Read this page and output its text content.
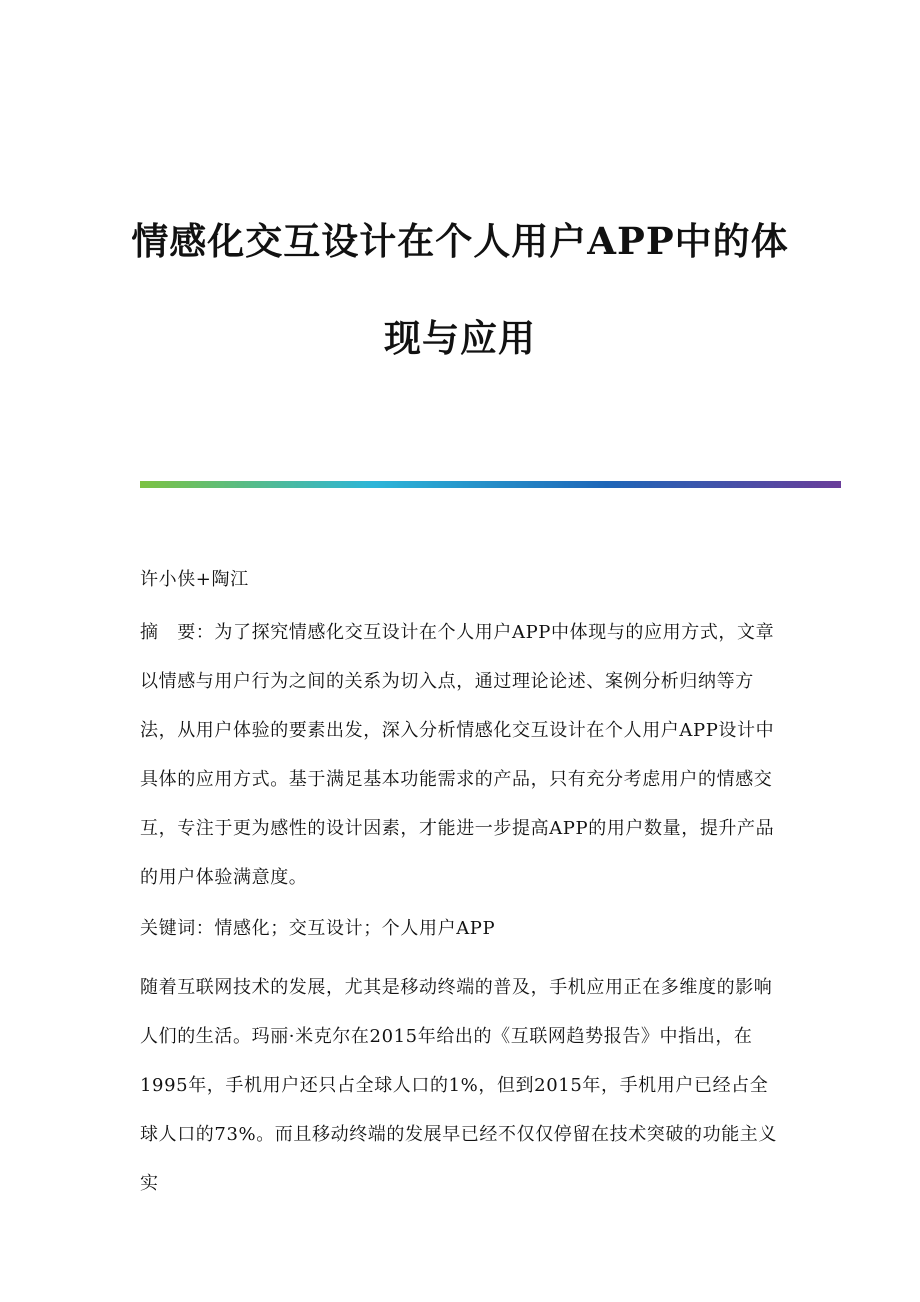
情感化交互设计在个人用户APP中的体
现与应用

许小侠+陶江

摘　要：为了探究情感化交互设计在个人用户APP中体现与的应用方式，文章以情感与用户行为之间的关系为切入点，通过理论论述、案例分析归纳等方法，从用户体验的要素出发，深入分析情感化交互设计在个人用户APP设计中具体的应用方式。基于满足基本功能需求的产品，只有充分考虑用户的情感交互，专注于更为感性的设计因素，才能进一步提高APP的用户数量，提升产品的用户体验满意度。

关键词：情感化；交互设计；个人用户APP

随着互联网技术的发展，尤其是移动终端的普及，手机应用正在多维度的影响人们的生活。玛丽·米克尔在2015年给出的《互联网趋势报告》中指出，在1995年，手机用户还只占全球人口的1%，但到2015年，手机用户已经占全球人口的73%。而且移动终端的发展早已经不仅仅停留在技术突破的功能主义实
